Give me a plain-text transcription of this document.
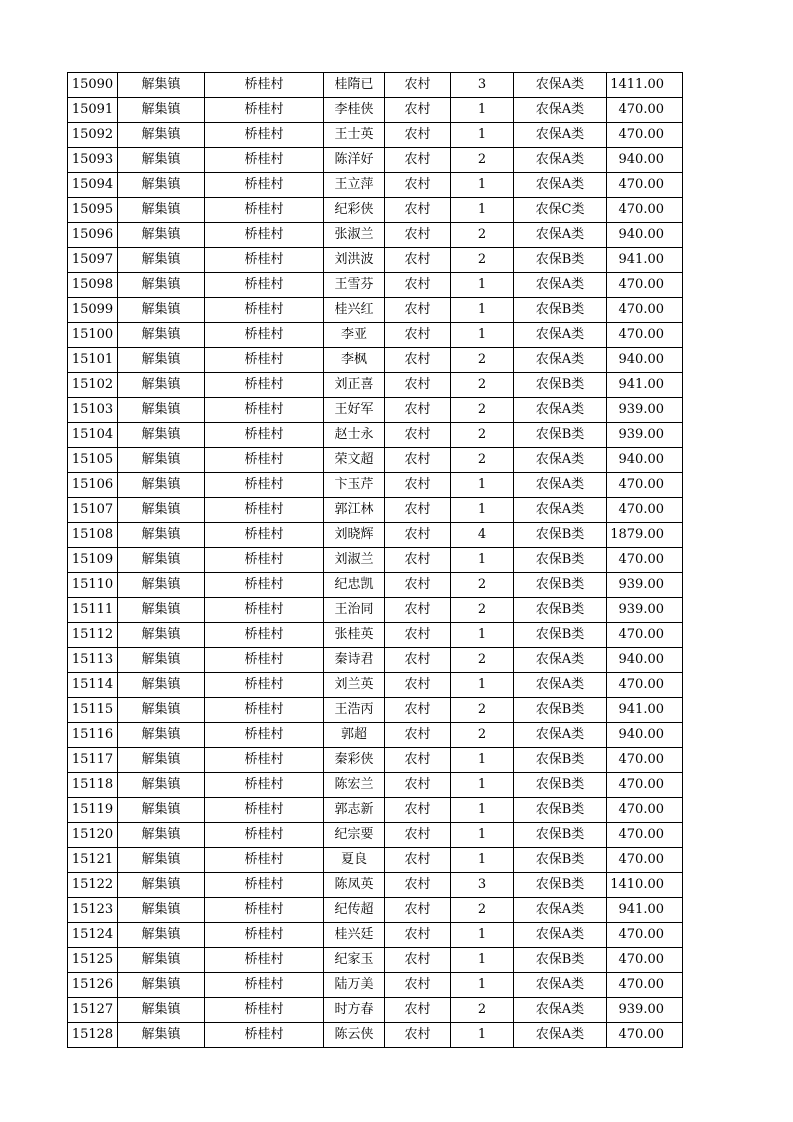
15090	解集镇	桥桂村	桂隋已	农村	3	农保A类	1411.00
15091	解集镇	桥桂村	李桂侠	农村	1	农保A类	470.00
15092	解集镇	桥桂村	王士英	农村	1	农保A类	470.00
15093	解集镇	桥桂村	陈洋好	农村	2	农保A类	940.00
15094	解集镇	桥桂村	王立萍	农村	1	农保A类	470.00
15095	解集镇	桥桂村	纪彩侠	农村	1	农保C类	470.00
15096	解集镇	桥桂村	张淑兰	农村	2	农保A类	940.00
15097	解集镇	桥桂村	刘洪波	农村	2	农保B类	941.00
15098	解集镇	桥桂村	王雪芬	农村	1	农保A类	470.00
15099	解集镇	桥桂村	桂兴红	农村	1	农保B类	470.00
15100	解集镇	桥桂村	李亚	农村	1	农保A类	470.00
15101	解集镇	桥桂村	李枫	农村	2	农保A类	940.00
15102	解集镇	桥桂村	刘正喜	农村	2	农保B类	941.00
15103	解集镇	桥桂村	王好军	农村	2	农保A类	939.00
15104	解集镇	桥桂村	赵士永	农村	2	农保B类	939.00
15105	解集镇	桥桂村	荣文超	农村	2	农保A类	940.00
15106	解集镇	桥桂村	卞玉芹	农村	1	农保A类	470.00
15107	解集镇	桥桂村	郭江林	农村	1	农保A类	470.00
15108	解集镇	桥桂村	刘晓辉	农村	4	农保B类	1879.00
15109	解集镇	桥桂村	刘淑兰	农村	1	农保B类	470.00
15110	解集镇	桥桂村	纪忠凯	农村	2	农保B类	939.00
15111	解集镇	桥桂村	王治同	农村	2	农保B类	939.00
15112	解集镇	桥桂村	张桂英	农村	1	农保B类	470.00
15113	解集镇	桥桂村	秦诗君	农村	2	农保A类	940.00
15114	解集镇	桥桂村	刘兰英	农村	1	农保A类	470.00
15115	解集镇	桥桂村	王浩丙	农村	2	农保B类	941.00
15116	解集镇	桥桂村	郭超	农村	2	农保A类	940.00
15117	解集镇	桥桂村	秦彩侠	农村	1	农保B类	470.00
15118	解集镇	桥桂村	陈宏兰	农村	1	农保B类	470.00
15119	解集镇	桥桂村	郭志新	农村	1	农保B类	470.00
15120	解集镇	桥桂村	纪宗要	农村	1	农保B类	470.00
15121	解集镇	桥桂村	夏良	农村	1	农保B类	470.00
15122	解集镇	桥桂村	陈凤英	农村	3	农保B类	1410.00
15123	解集镇	桥桂村	纪传超	农村	2	农保A类	941.00
15124	解集镇	桥桂村	桂兴廷	农村	1	农保A类	470.00
15125	解集镇	桥桂村	纪家玉	农村	1	农保B类	470.00
15126	解集镇	桥桂村	陆万美	农村	1	农保A类	470.00
15127	解集镇	桥桂村	时方春	农村	2	农保A类	939.00
15128	解集镇	桥桂村	陈云侠	农村	1	农保A类	470.00
